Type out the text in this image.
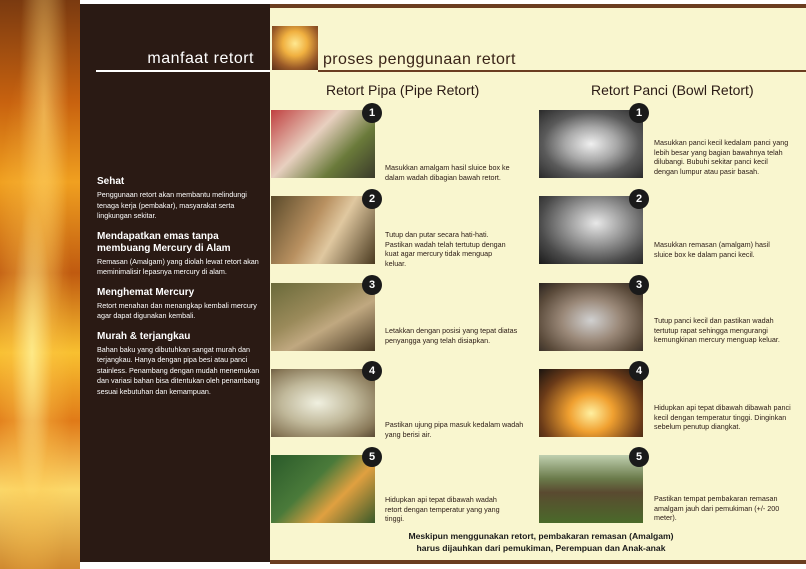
manfaat retort
Sehat

Penggunaan retort akan membantu melindungi tenaga kerja (pembakar), masyarakat serta lingkungan sekitar.

Mendapatkan emas tanpa membuang Mercury di Alam

Remasan (Amalgam) yang diolah lewat retort akan meminimalisir lepasnya mercury di alam.

Menghemat Mercury

Retort menahan dan menangkap kembali mercury agar dapat digunakan kembali.

Murah & terjangkau

Bahan baku yang dibutuhkan sangat murah dan terjangkau. Hanya dengan pipa besi atau panci stainless. Penambang dengan mudah menemukan dan variasi bahan bisa ditentukan oleh penambang sesuai kebutuhan dan kemampuan.

proses penggunaan retort
Retort Pipa (Pipe Retort)	Retort Panci (Bowl Retort)
1
Masukkan amalgam hasil sluice box ke dalam wadah dibagian bawah retort.
2
Tutup dan putar secara hati-hati. Pastikan wadah telah tertutup dengan kuat agar mercury tidak menguap keluar.
3
Letakkan dengan posisi yang tepat diatas penyangga yang telah disiapkan.
4
Pastikan ujung pipa masuk kedalam wadah yang berisi air.
5
Hidupkan api tepat dibawah wadah retort dengan temperatur yang yang tinggi.
1
Masukkan panci kecil kedalam panci yang lebih besar yang bagian bawahnya telah dilubangi. Bubuhi sekitar panci kecil dengan lumpur atau pasir basah.
2
Masukkan remasan (amalgam) hasil sluice box ke dalam panci kecil.
3
Tutup panci kecil dan pastikan wadah tertutup rapat sehingga mengurangi kemungkinan mercury menguap keluar.
4
Hidupkan api tepat dibawah dibawah panci kecil dengan temperatur tinggi. Dinginkan sebelum penutup diangkat.
5
Pastikan tempat pembakaran remasan amalgam jauh dari pemukiman (+/- 200 meter).
Meskipun menggunakan retort, pembakaran remasan (Amalgam)
harus dijauhkan dari pemukiman, Perempuan dan Anak-anak
